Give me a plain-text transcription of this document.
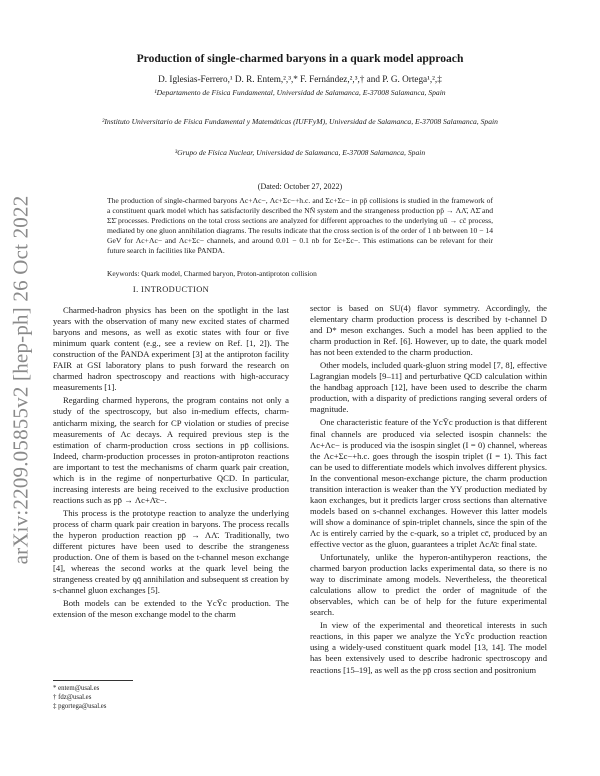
arXiv:2209.05855v2 [hep-ph] 26 Oct 2022
Production of single-charmed baryons in a quark model approach
D. Iglesias-Ferrero,¹ D. R. Entem,²,³,* F. Fernández,²,³,† and P. G. Ortega¹,²,‡
¹Departamento de Física Fundamental, Universidad de Salamanca, E-37008 Salamanca, Spain
²Instituto Universitario de Física Fundamental y Matemáticas (IUFFyM), Universidad de Salamanca, E-37008 Salamanca, Spain
³Grupo de Física Nuclear, Universidad de Salamanca, E-37008 Salamanca, Spain
(Dated: October 27, 2022)
The production of single-charmed baryons Λc+Λc−, Λc+Σc−+h.c. and Σc+Σc− in pp̄ collisions is studied in the framework of a constituent quark model which has satisfactorily described the NN̄ system and the strangeness production pp̄ → ΛΛ̄, ΛΣ̄ and ΣΣ̄ processes. Predictions on the total cross sections are analyzed for different approaches to the underlying uū → cc̄ process, mediated by one gluon annihilation diagrams. The results indicate that the cross section is of the order of 1 nb between 10 − 14 GeV for Λc+Λc− and Λc+Σc− channels, and around 0.01 − 0.1 nb for Σc+Σc−. This estimations can be relevant for their future search in facilities like P̄ANDA.
Keywords: Quark model, Charmed baryon, Proton-antiproton collision
I. INTRODUCTION

Charmed-hadron physics has been on the spotlight in the last years with the observation of many new excited states of charmed baryons and mesons, as well as exotic states with four or five minimum quark content (e.g., see a review on Ref. [1, 2]). The construction of the P̄ANDA experiment [3] at the antiproton facility FAIR at GSI laboratory plans to push forward the research on charmed hadron spectroscopy and reactions with high-accuracy measurements [1].

Regarding charmed hyperons, the program contains not only a study of the spectroscopy, but also in-medium effects, charm-anticharm mixing, the search for CP violation or studies of precise measurements of Λc decays. A required previous step is the estimation of charm-production cross sections in pp̄ collisions. Indeed, charm-production processes in proton-antiproton reactions are important to test the mechanisms of charm quark pair creation, which is in the regime of nonperturbative QCD. In particular, increasing interests are being received to the exclusive production reactions such as pp̄ → Λc+Λ̄c−.

This process is the prototype reaction to analyze the underlying process of charm quark pair creation in baryons. The process recalls the hyperon production reaction pp̄ → ΛΛ̄. Traditionally, two different pictures have been used to describe the strangeness production. One of them is based on the t-channel meson exchange [4], whereas the second works at the quark level being the strangeness created by qq̄ annihilation and subsequent ss̄ creation by s-channel gluon exchanges [5].

Both models can be extended to the YcȲc production. The extension of the meson exchange model to the charm

sector is based on SU(4) flavor symmetry. Accordingly, the elementary charm production process is described by t-channel D and D* meson exchanges. Such a model has been applied to the charm production in Ref. [6]. However, up to date, the quark model has not been extended to the charm production.

Other models, included quark-gluon string model [7, 8], effective Lagrangian models [9–11] and perturbative QCD calculation within the handbag approach [12], have been used to describe the charm production, with a disparity of predictions ranging several orders of magnitude.

One characteristic feature of the YcȲc production is that different final channels are produced via selected isospin channels: the Λc+Λc− is produced via the isospin singlet (I = 0) channel, whereas the Λc+Σc−+h.c. goes through the isospin triplet (I = 1). This fact can be used to differentiate models which involves different physics. In the conventional meson-exchange picture, the charm production transition interaction is weaker than the YY production mediated by kaon exchanges, but it predicts larger cross sections than alternative models based on s-channel exchanges. However this latter models will show a dominance of spin-triplet channels, since the spin of the Λc is entirely carried by the c-quark, so a triplet cc̄, produced by an effective vector as the gluon, guarantees a triplet ΛcΛ̄c final state.

Unfortunately, unlike the hyperon-antihyperon reactions, the charmed baryon production lacks experimental data, so there is no way to discriminate among models. Nevertheless, the theoretical calculations allow to predict the order of magnitude of the observables, which can be of help for the future experimental search.

In view of the experimental and theoretical interests in such reactions, in this paper we analyze the YcȲc production reaction using a widely-used constituent quark model [13, 14]. The model has been extensively used to describe hadronic spectroscopy and reactions [15–19], as well as the pp̄ cross section and positronium

* entem@usal.es
† fdz@usal.es
‡ pgortega@usal.es
